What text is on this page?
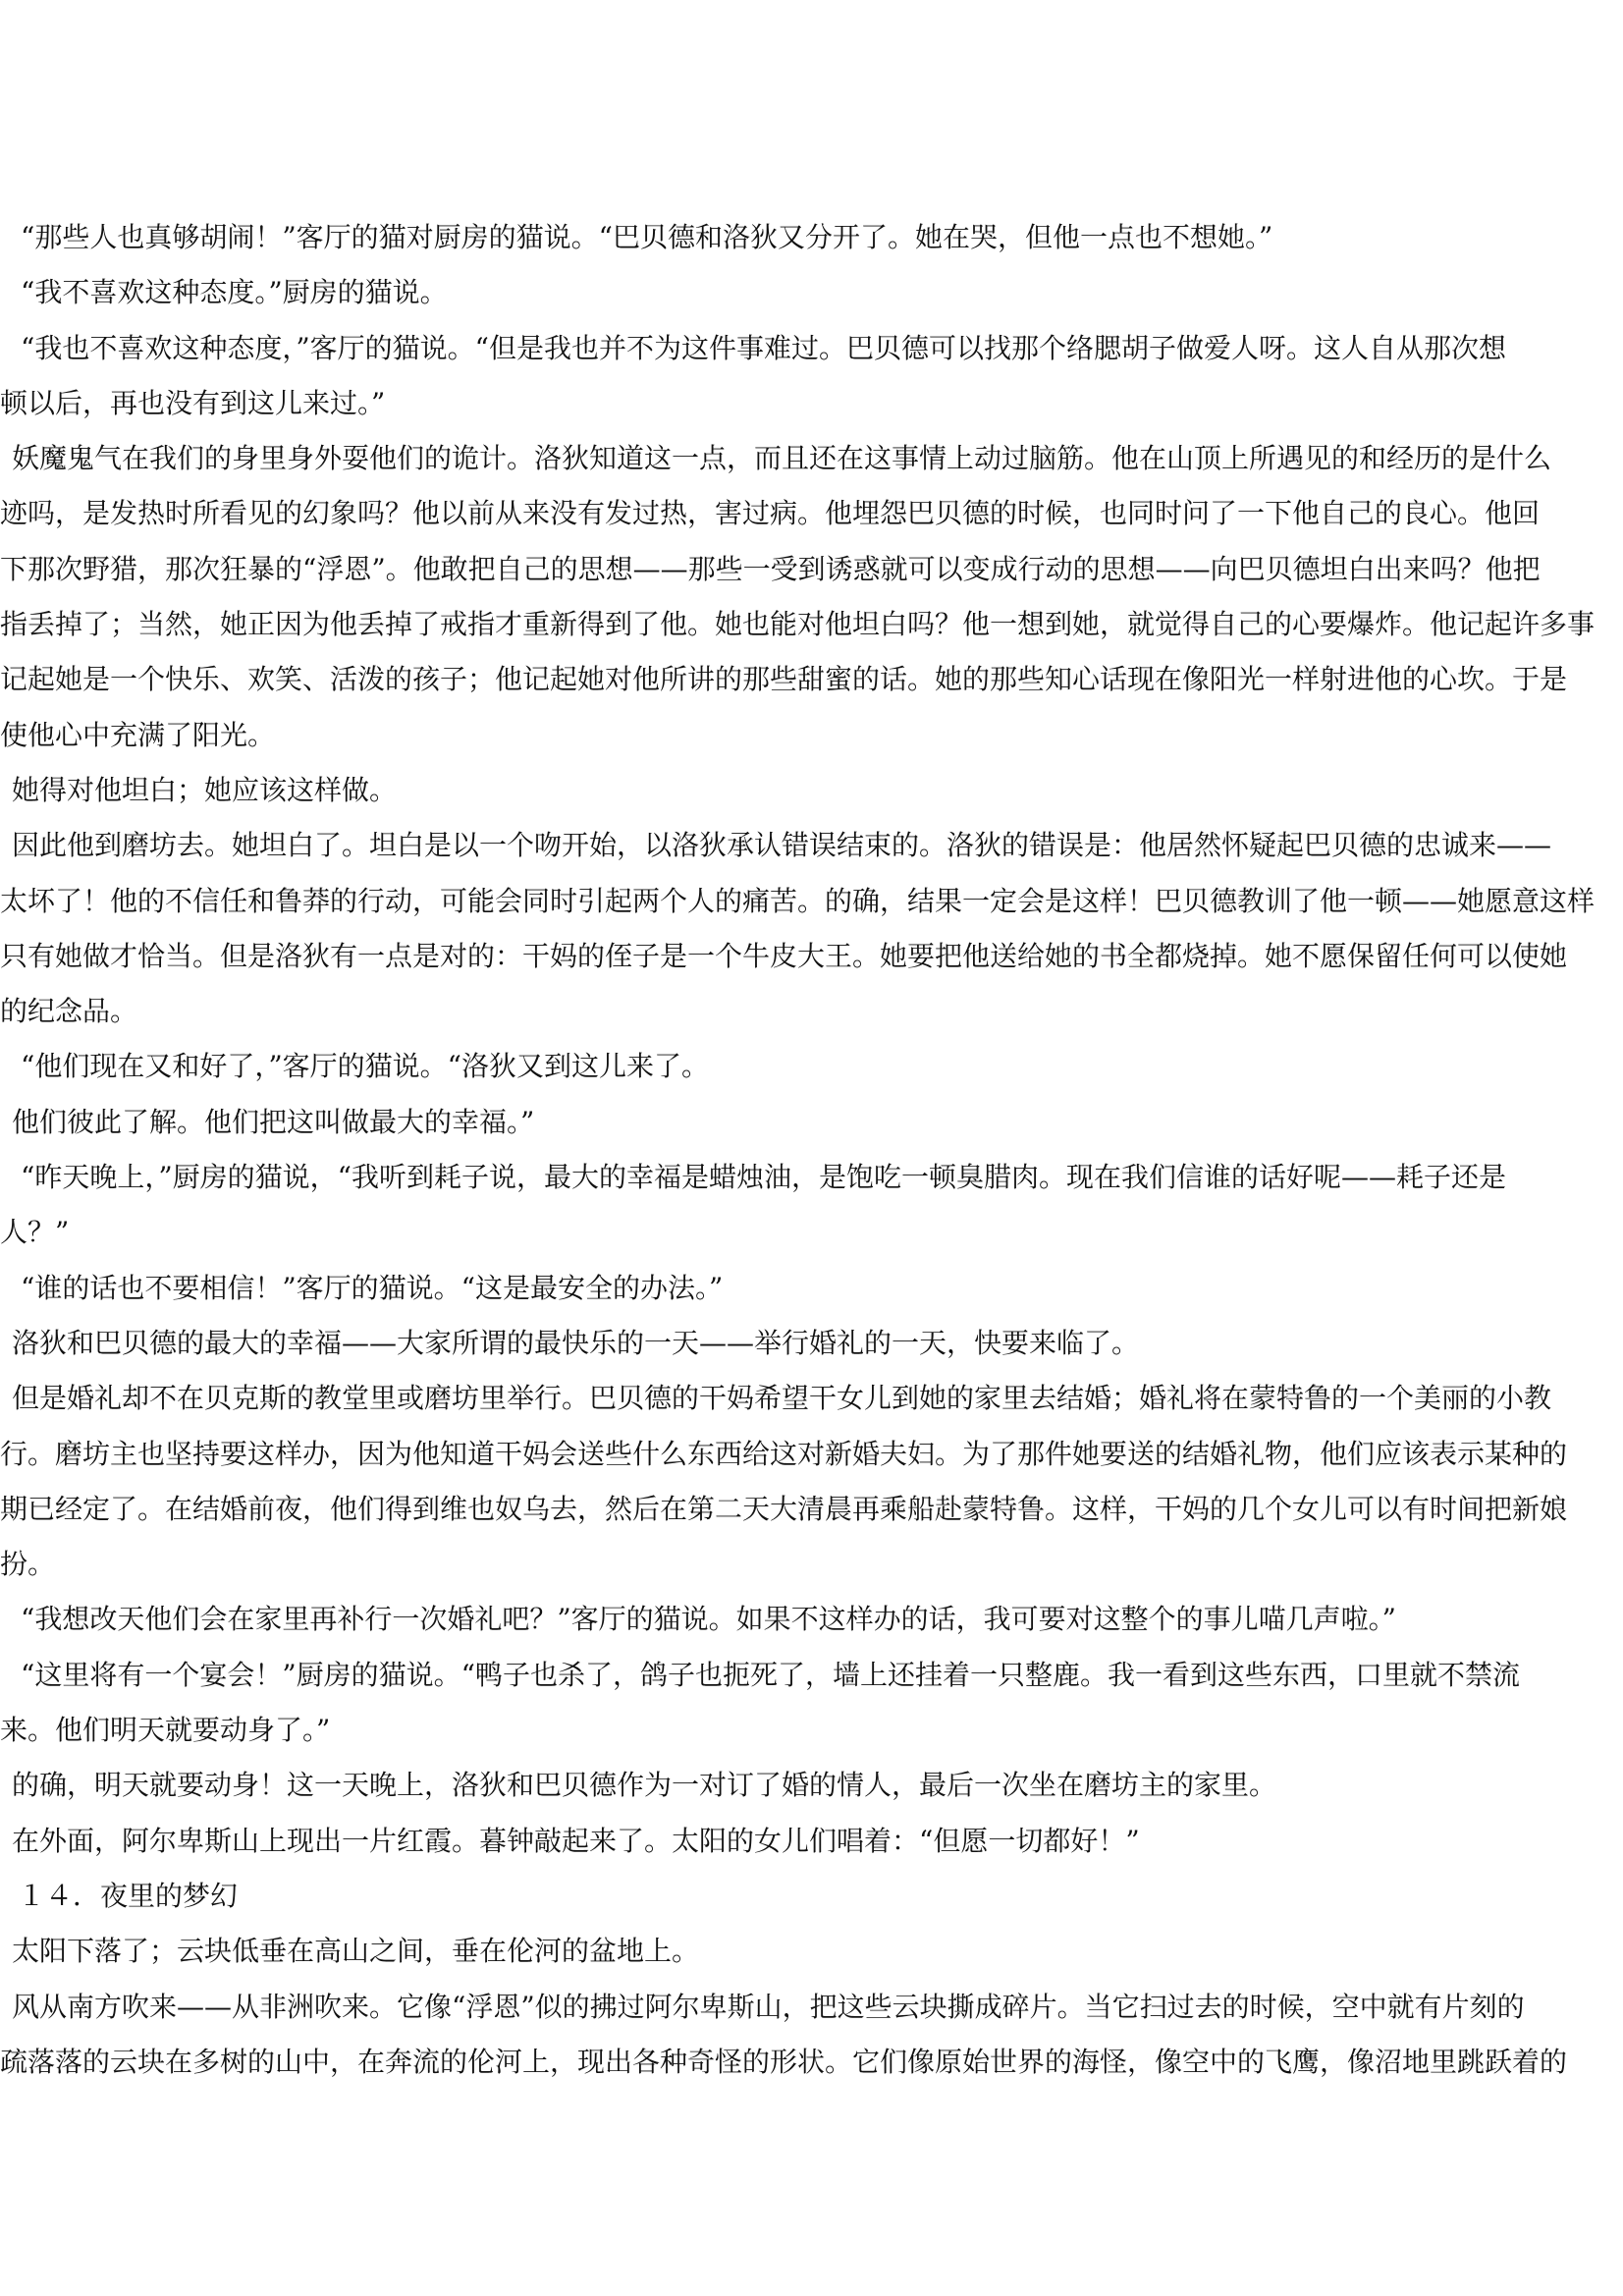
“那些人也真够胡闹！”客厅的猫对厨房的猫说。“巴贝德和洛狄又分开了。她在哭，但他一点也不想她。”
“我不喜欢这种态度。”厨房的猫说。
“我也不喜欢这种态度，”客厅的猫说。“但是我也并不为这件事难过。巴贝德可以找那个络腮胡子做爱人呀。这人自从那次想
顿以后，再也没有到这儿来过。”
妖魔鬼气在我们的身里身外耍他们的诡计。洛狄知道这一点，而且还在这事情上动过脑筋。他在山顶上所遇见的和经历的是什么
迹吗，是发热时所看见的幻象吗？他以前从来没有发过热，害过病。他埋怨巴贝德的时候，也同时问了一下他自己的良心。他回
下那次野猎，那次狂暴的“浮恩”。他敢把自己的思想——那些一受到诱惑就可以变成行动的思想——向巴贝德坦白出来吗？他把
指丢掉了；当然，她正因为他丢掉了戒指才重新得到了他。她也能对他坦白吗？他一想到她，就觉得自己的心要爆炸。他记起许多事
记起她是一个快乐、欢笑、活泼的孩子；他记起她对他所讲的那些甜蜜的话。她的那些知心话现在像阳光一样射进他的心坎。于是
使他心中充满了阳光。
她得对他坦白；她应该这样做。
因此他到磨坊去。她坦白了。坦白是以一个吻开始，以洛狄承认错误结束的。洛狄的错误是：他居然怀疑起巴贝德的忠诚来——
太坏了！他的不信任和鲁莽的行动，可能会同时引起两个人的痛苦。的确，结果一定会是这样！巴贝德教训了他一顿——她愿意这样
只有她做才恰当。但是洛狄有一点是对的：干妈的侄子是一个牛皮大王。她要把他送给她的书全都烧掉。她不愿保留任何可以使她
的纪念品。
“他们现在又和好了，”客厅的猫说。“洛狄又到这儿来了。
他们彼此了解。他们把这叫做最大的幸福。”
“昨天晚上，”厨房的猫说，“我听到耗子说，最大的幸福是蜡烛油，是饱吃一顿臭腊肉。现在我们信谁的话好呢——耗子还是
人？”
“谁的话也不要相信！”客厅的猫说。“这是最安全的办法。”
洛狄和巴贝德的最大的幸福——大家所谓的最快乐的一天——举行婚礼的一天，快要来临了。
但是婚礼却不在贝克斯的教堂里或磨坊里举行。巴贝德的干妈希望干女儿到她的家里去结婚；婚礼将在蒙特鲁的一个美丽的小教
行。磨坊主也坚持要这样办，因为他知道干妈会送些什么东西给这对新婚夫妇。为了那件她要送的结婚礼物，他们应该表示某种的
期已经定了。在结婚前夜，他们得到维也奴乌去，然后在第二天大清晨再乘船赴蒙特鲁。这样，干妈的几个女儿可以有时间把新娘
扮。
“我想改天他们会在家里再补行一次婚礼吧？”客厅的猫说。如果不这样办的话，我可要对这整个的事儿喵几声啦。”
“这里将有一个宴会！”厨房的猫说。“鸭子也杀了，鸽子也扼死了，墙上还挂着一只整鹿。我一看到这些东西，口里就不禁流
来。他们明天就要动身了。”
的确，明天就要动身！这一天晚上，洛狄和巴贝德作为一对订了婚的情人，最后一次坐在磨坊主的家里。
在外面，阿尔卑斯山上现出一片红霞。暮钟敲起来了。太阳的女儿们唱着：“但愿一切都好！”
１４．夜里的梦幻
太阳下落了；云块低垂在高山之间，垂在伦河的盆地上。
风从南方吹来——从非洲吹来。它像“浮恩”似的拂过阿尔卑斯山，把这些云块撕成碎片。当它扫过去的时候，空中就有片刻的
疏落落的云块在多树的山中，在奔流的伦河上，现出各种奇怪的形状。它们像原始世界的海怪，像空中的飞鹰，像沼地里跳跃着的
